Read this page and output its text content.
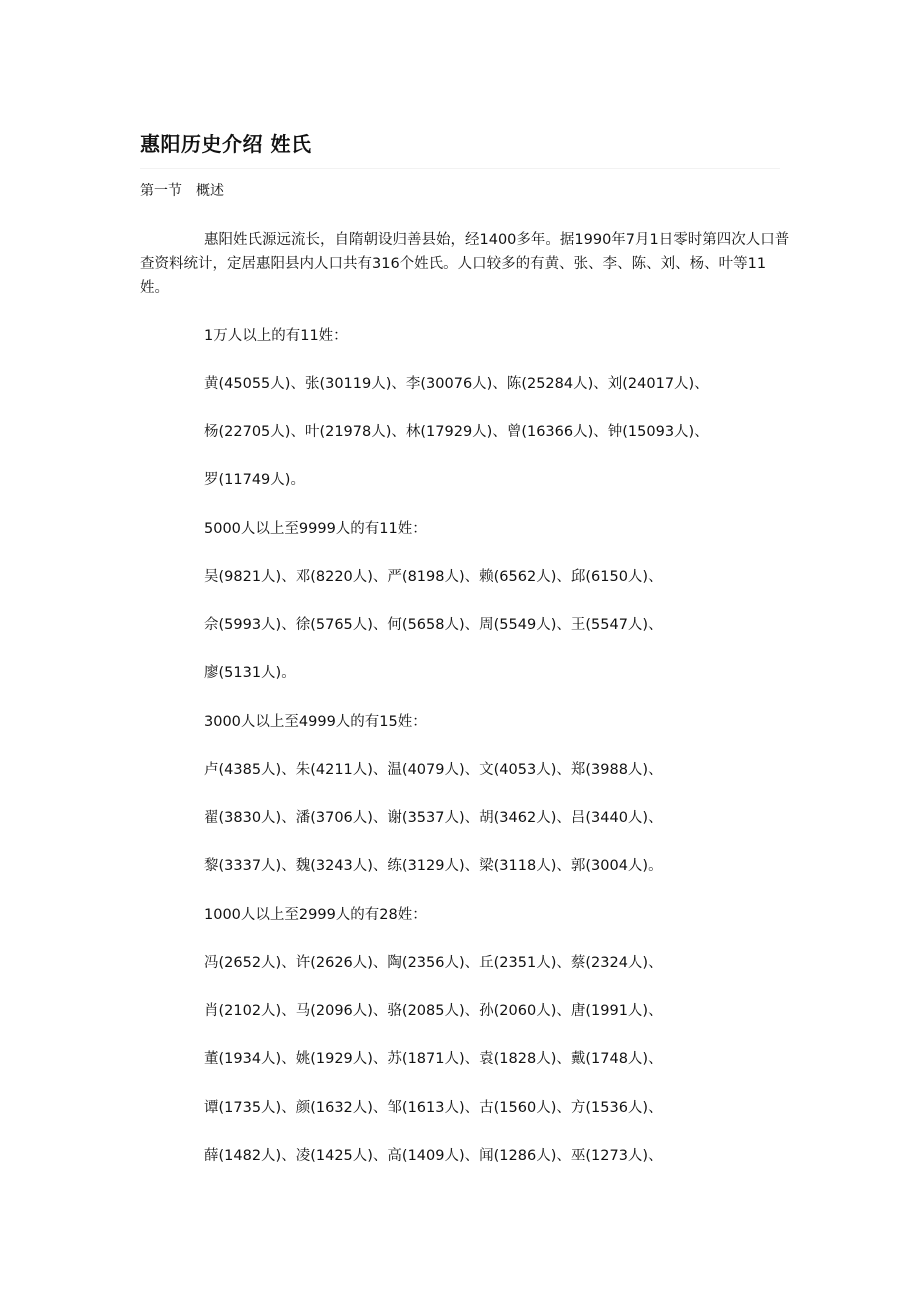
惠阳历史介绍 姓氏
第一节　概述
惠阳姓氏源远流长，自隋朝设归善县始，经1400多年。据1990年7月1日零时第四次人口普查资料统计，定居惠阳县内人口共有316个姓氏。人口较多的有黄、张、李、陈、刘、杨、叶等11姓。
1万人以上的有11姓：
黄(45055人)、张(30119人)、李(30076人)、陈(25284人)、刘(24017人)、
杨(22705人)、叶(21978人)、林(17929人)、曾(16366人)、钟(15093人)、
罗(11749人)。
5000人以上至9999人的有11姓：
吴(9821人)、邓(8220人)、严(8198人)、赖(6562人)、邱(6150人)、
佘(5993人)、徐(5765人)、何(5658人)、周(5549人)、王(5547人)、
廖(5131人)。
3000人以上至4999人的有15姓：
卢(4385人)、朱(4211人)、温(4079人)、文(4053人)、郑(3988人)、
翟(3830人)、潘(3706人)、谢(3537人)、胡(3462人)、吕(3440人)、
黎(3337人)、魏(3243人)、练(3129人)、梁(3118人)、郭(3004人)。
1000人以上至2999人的有28姓：
冯(2652人)、许(2626人)、陶(2356人)、丘(2351人)、蔡(2324人)、
肖(2102人)、马(2096人)、骆(2085人)、孙(2060人)、唐(1991人)、
董(1934人)、姚(1929人)、苏(1871人)、袁(1828人)、戴(1748人)、
谭(1735人)、颜(1632人)、邹(1613人)、古(1560人)、方(1536人)、
薛(1482人)、凌(1425人)、高(1409人)、闻(1286人)、巫(1273人)、
